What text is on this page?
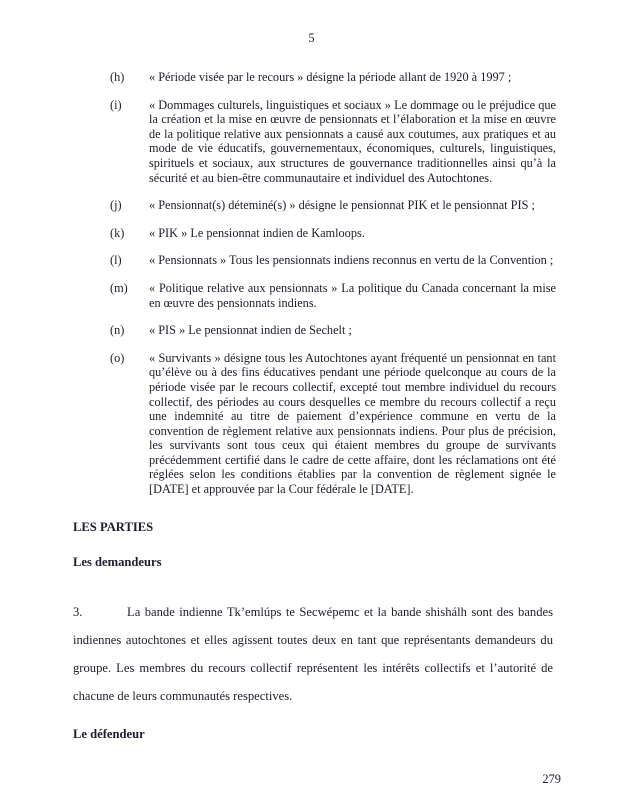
5
(h)	« Période visée par le recours » désigne la période allant de 1920 à 1997 ;
(i)	« Dommages culturels, linguistiques et sociaux » Le dommage ou le préjudice que la création et la mise en œuvre de pensionnats et l’élaboration et la mise en œuvre de la politique relative aux pensionnats a causé aux coutumes, aux pratiques et au mode de vie éducatifs, gouvernementaux, économiques, culturels, linguistiques, spirituels et sociaux, aux structures de gouvernance traditionnelles ainsi qu’à la sécurité et au bien-être communautaire et individuel des Autochtones.
(j)	« Pensionnat(s) déteminé(s) » désigne le pensionnat PIK et le pensionnat PIS ;
(k)	« PIK » Le pensionnat indien de Kamloops.
(l)	« Pensionnats » Tous les pensionnats indiens reconnus en vertu de la Convention ;
(m)	« Politique relative aux pensionnats » La politique du Canada concernant la mise en œuvre des pensionnats indiens.
(n)	« PIS » Le pensionnat indien de Sechelt ;
(o)	« Survivants » désigne tous les Autochtones ayant fréquenté un pensionnat en tant qu’élève ou à des fins éducatives pendant une période quelconque au cours de la période visée par le recours collectif, excepté tout membre individuel du recours collectif, des périodes au cours desquelles ce membre du recours collectif a reçu une indemnité au titre de paiement d’expérience commune en vertu de la convention de règlement relative aux pensionnats indiens. Pour plus de précision, les survivants sont tous ceux qui étaient membres du groupe de survivants précédemment certifié dans le cadre de cette affaire, dont les réclamations ont été réglées selon les conditions établies par la convention de règlement signée le [DATE] et approuvée par la Cour fédérale le [DATE].
LES PARTIES
Les demandeurs

3.	La bande indienne Tk’emlúps te Secwépemc et la bande shishálh sont des bandes indiennes autochtones et elles agissent toutes deux en tant que représentants demandeurs du groupe. Les membres du recours collectif représentent les intérêts collectifs et l’autorité de chacune de leurs communautés respectives.

Le défendeur
279
